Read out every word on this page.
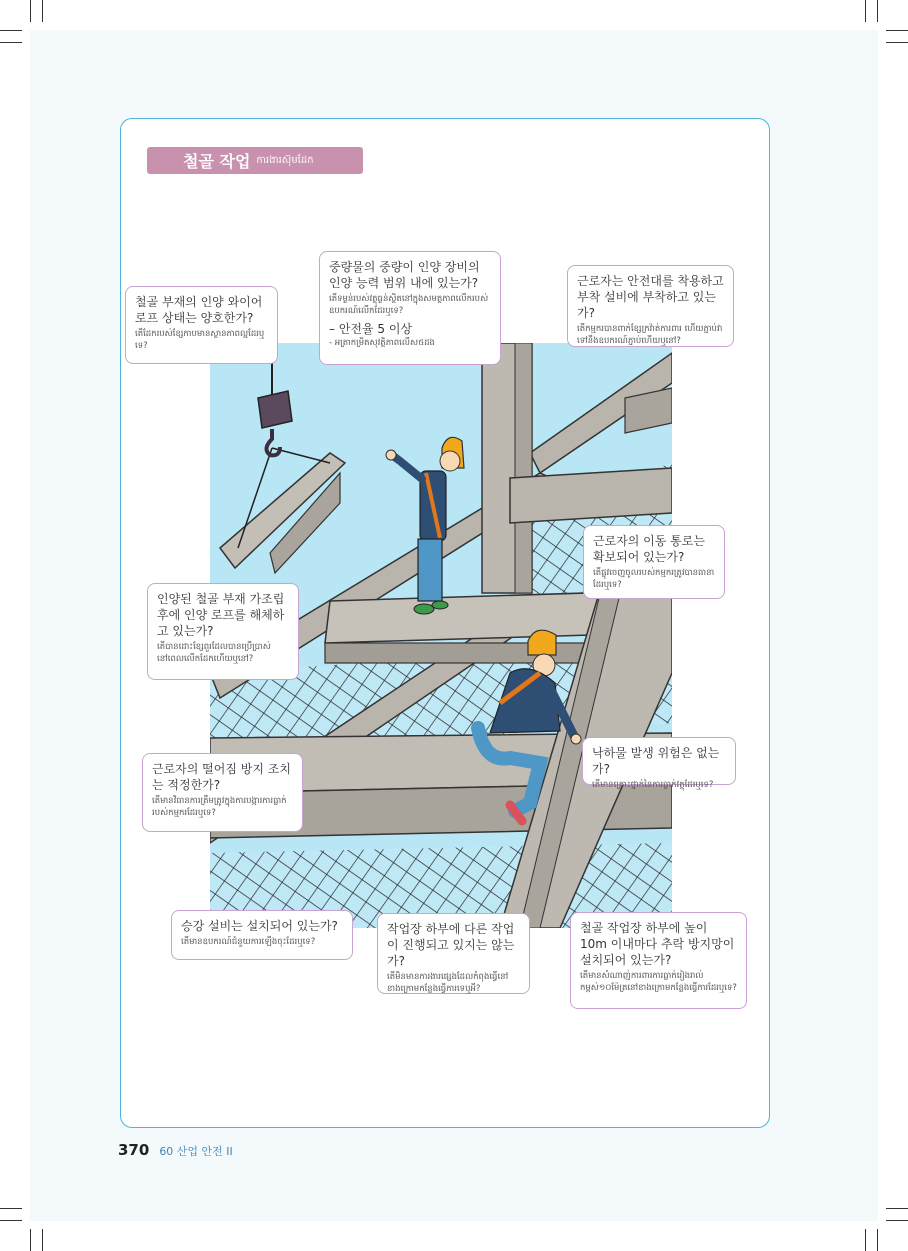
철골 작업 ការងារស៊ុមដែក
철골 부재의 인양 와이어 로프 상태는 양호한가?
តើដែករបស់ខ្សែកាបមានស្ថានភាពល្អដែរឬទេ?
중량물의 중량이 인양 장비의 인양 능력 범위 내에 있는가?
តើទម្ងន់របស់វត្ថុធ្ងន់ស្ថិតនៅក្នុងសមត្ថភាពលើករបស់ឧបករណ៍លើកដែរឬទេ?
– 안전율 5 이상
- អត្រាកម្រិតសុវត្ថិភាពលើស៥ដង
근로자는 안전대를 착용하고 부착 설비에 부착하고 있는가?
តើកម្មករបានពាក់ខ្សែក្រវ៉ាត់ការពារ ហើយភ្ជាប់វាទៅនឹងឧបករណ៍ភ្ជាប់ហើយឬនៅ?
근로자의 이동 통로는 확보되어 있는가?
តើផ្លូវចេញចូលរបស់កម្មករត្រូវបានធានាដែរឬទេ?
인양된 철골 부재 가조립 후에 인양 로프를 해체하고 있는가?
តើបានដោះខ្សែពួរដែលបានប្រើប្រាស់នៅពេលលើកដែកហើយឬនៅ?
낙하물 발생 위험은 없는가?
តើមានគ្រោះថ្នាក់នៃការធ្លាក់វត្ថុដែរឬទេ?
근로자의 떨어짐 방지 조치는 적정한가?
តើមានវិធានការត្រឹមត្រូវក្នុងការបង្ការការធ្លាក់របស់កម្មករដែរឬទេ?
승강 설비는 설치되어 있는가?
តើមានឧបករណ៍ជំនួយការឡើងចុះដែរឬទេ?
작업장 하부에 다른 작업이 진행되고 있지는 않는가?
តើមិនមានការងារផ្សេងដែលកំពុងធ្វើនៅខាងក្រោមកន្លែងធ្វើការទេឬអី?
철골 작업장 하부에 높이 10m 이내마다 추락 방지망이 설치되어 있는가?
តើមានសំណាញ់ការពារការធ្លាក់រៀងរាល់កម្ពស់១០ម៉ែត្រនៅខាងក្រោមកន្លែងធ្វើការដែរឬទេ?
370 60 산업 안전 II
